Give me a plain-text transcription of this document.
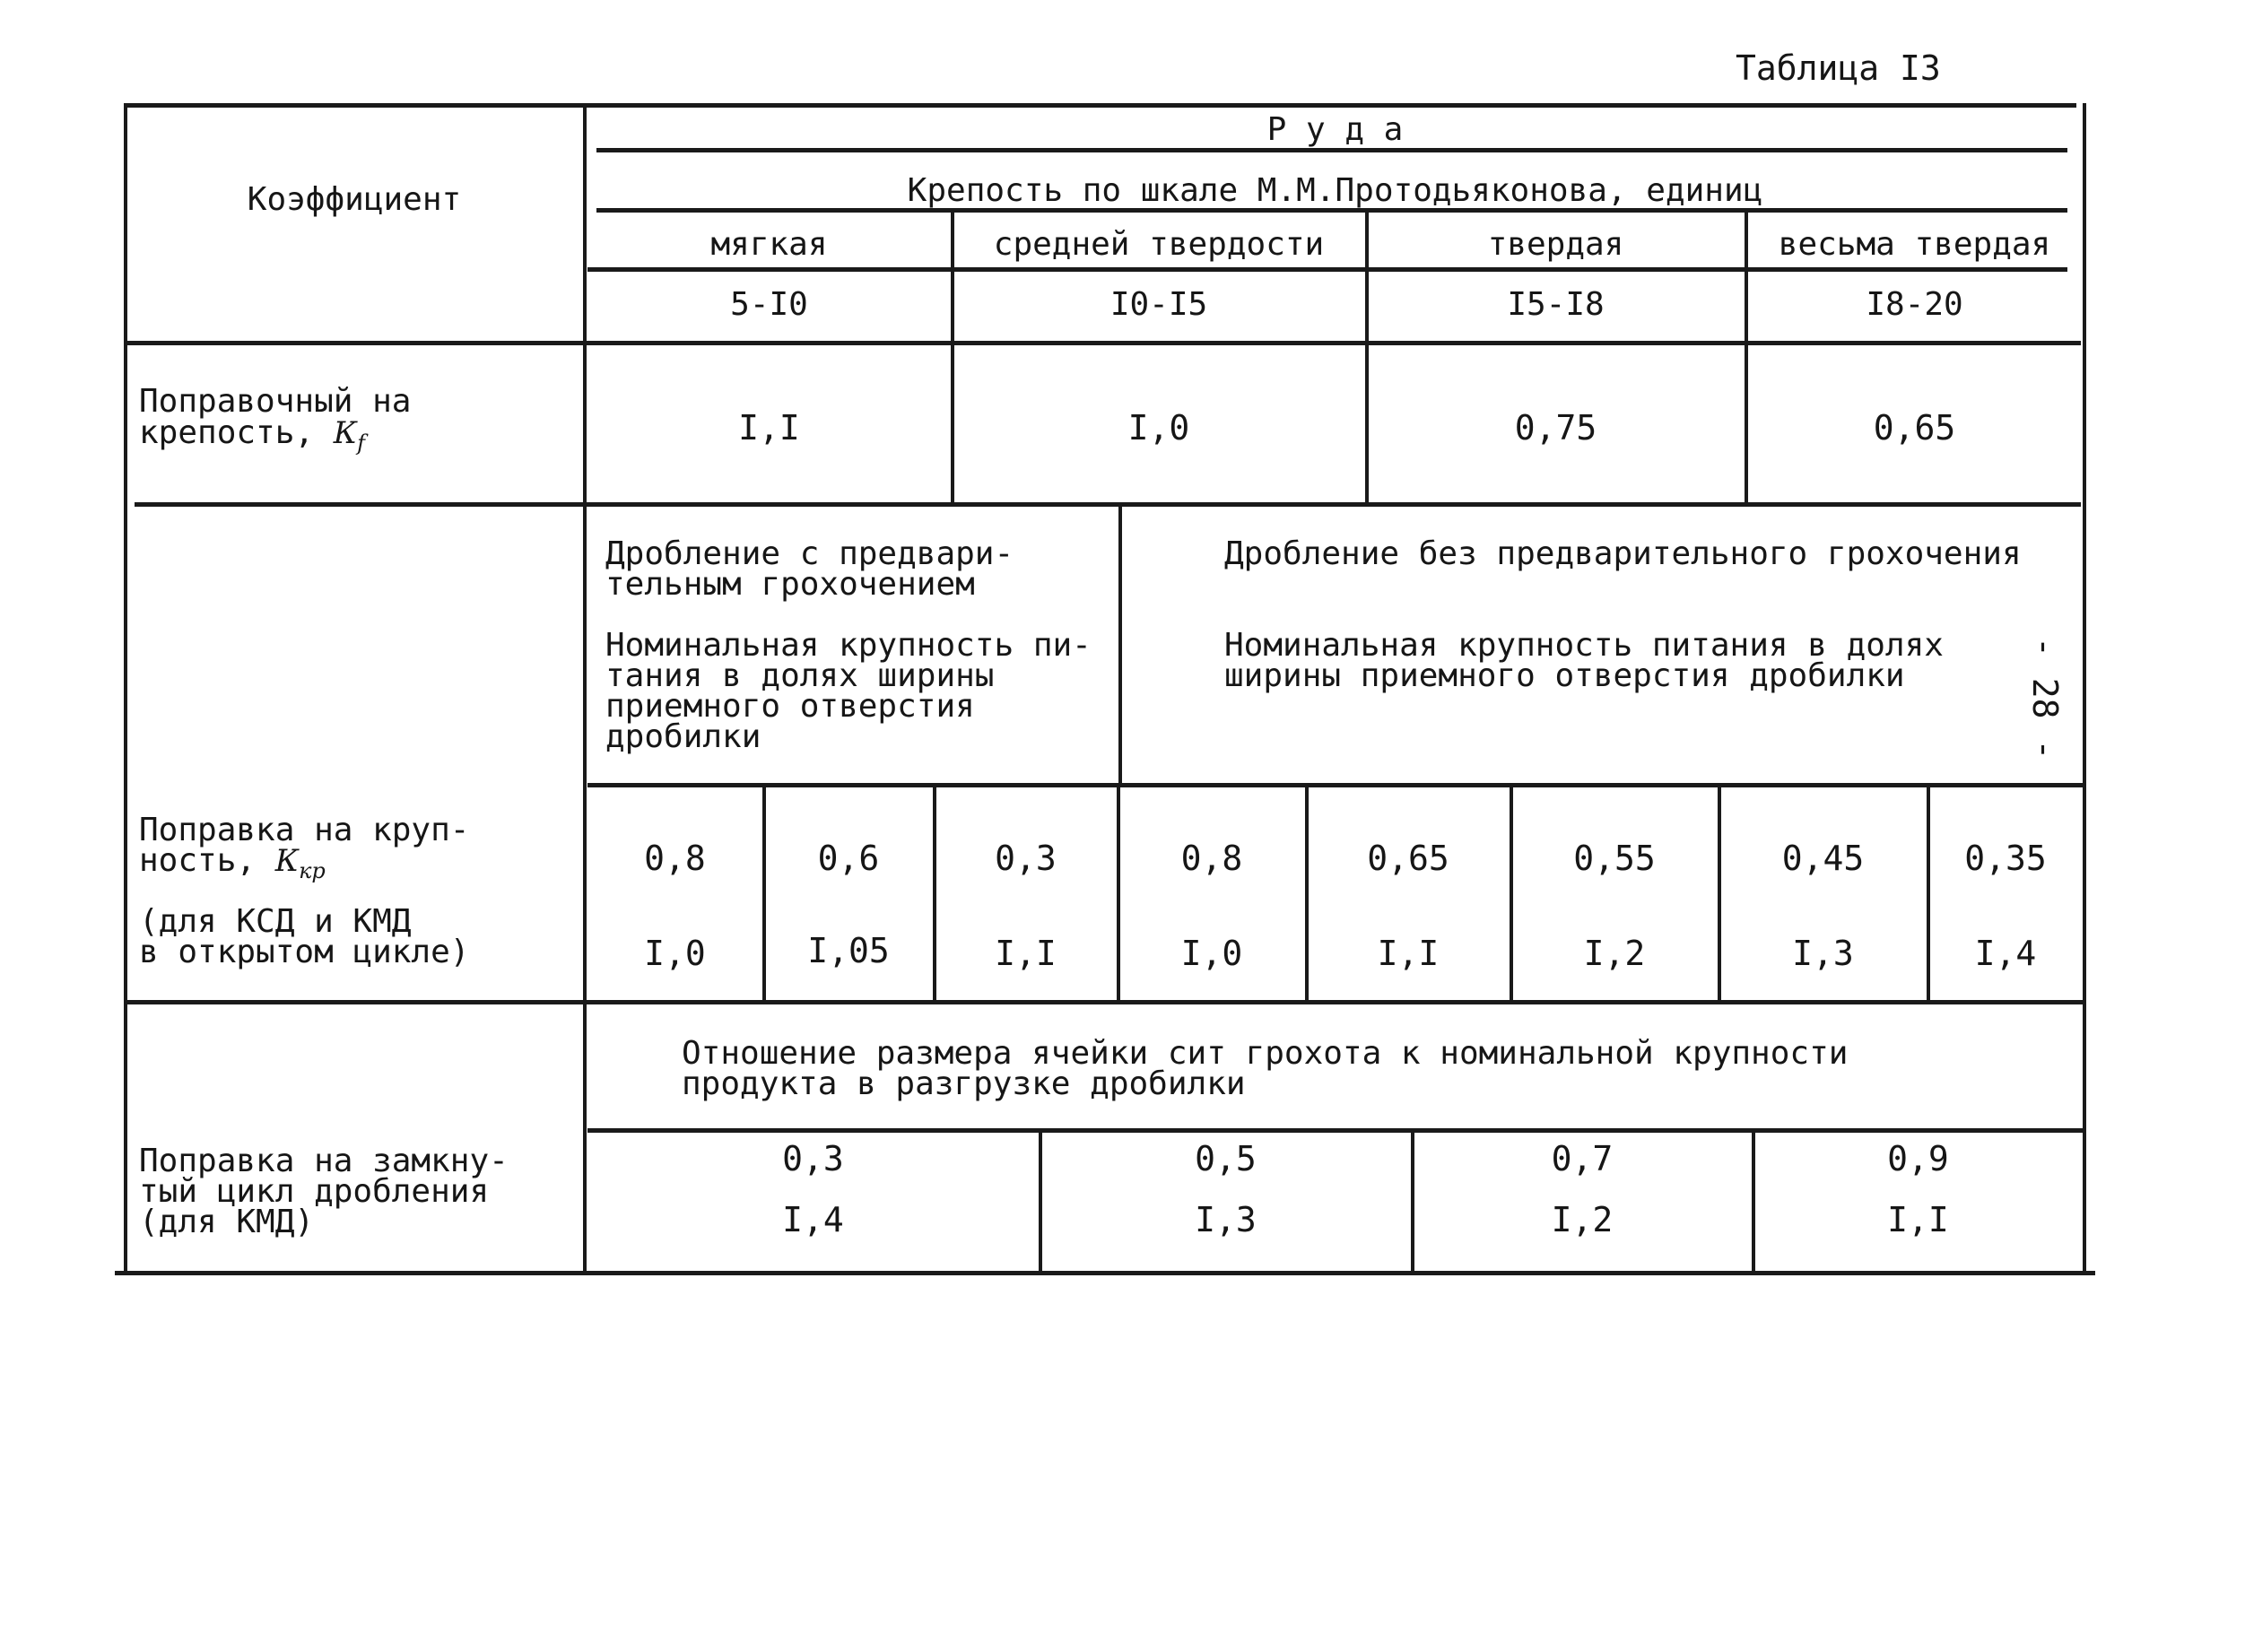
Таблица I3
- 28 -
Коэффициент
Р у д а
Крепость по шкале М.М.Протодьяконова, единиц
мягкая	средней твердости	твердая	весьма твердая
5-I0	I0-I5	I5-I8	I8-20
Поправочный на
крепость, $К_f$	I,I	I,0	0,75	0,65
Дробление с предвари-
тельным грохочением
Номинальная крупность пи-
тания в долях ширины
приемного отверстия
дробилки
Дробление без предварительного грохочения
Номинальная крупность питания в долях
ширины приемного отверстия дробилки
Поправка на круп-
ность, $К_{кр}$
(для КСД и КМД
в открытом цикле)
0,8	0,6	0,3	0,8	0,65	0,55	0,45	0,35
I,0	I,05	I,I	I,0	I,I	I,2	I,3	I,4
Отношение размера ячейки сит грохота к номинальной крупности
продукта в разгрузке дробилки
Поправка на замкну-
тый цикл дробления
(для КМД)
0,3	0,5	0,7	0,9
I,4	I,3	I,2	I,I
